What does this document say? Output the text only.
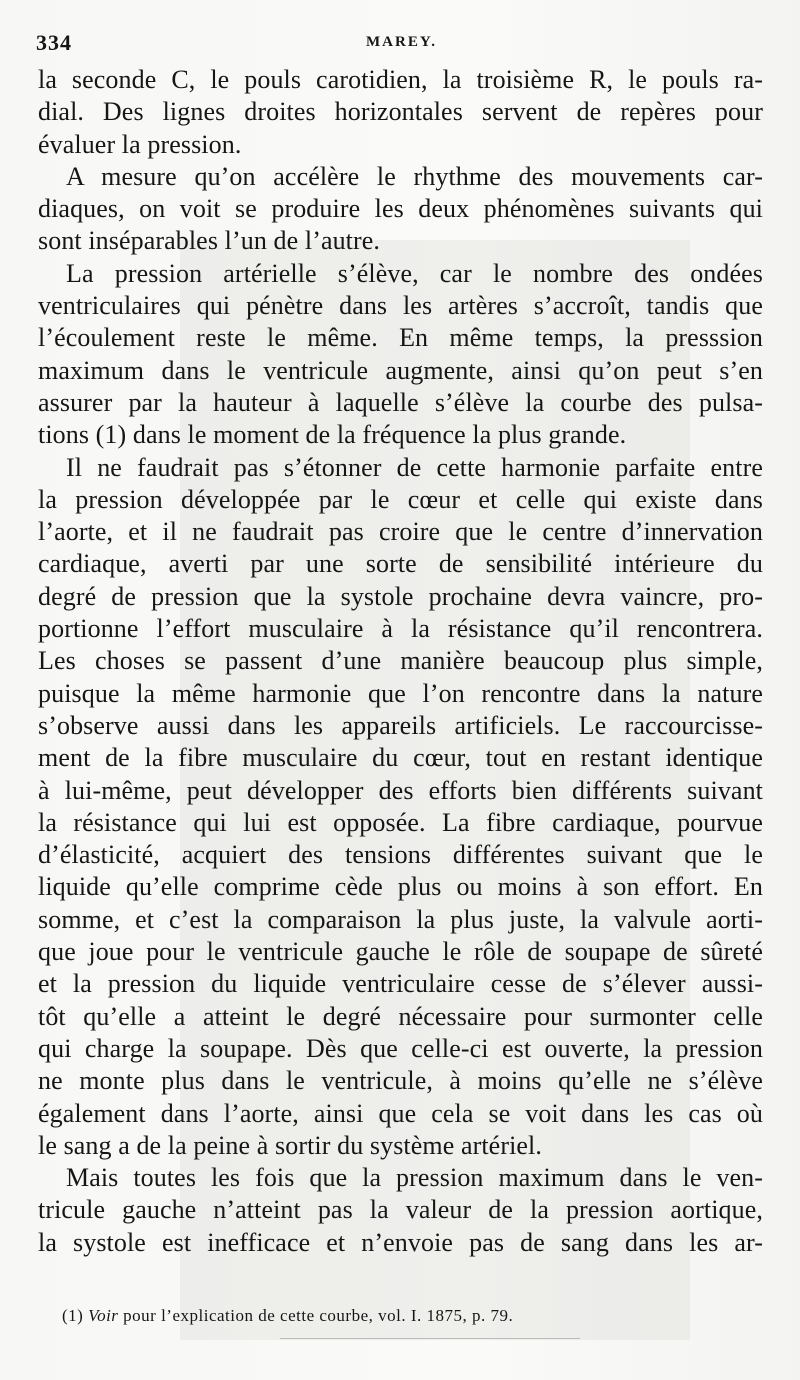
334	MAREY.
la seconde C, le pouls carotidien, la troisième R, le pouls ra-
dial. Des lignes droites horizontales servent de repères pour
évaluer la pression.
A mesure qu’on accélère le rhythme des mouvements car-
diaques, on voit se produire les deux phénomènes suivants qui
sont inséparables l’un de l’autre.
La pression artérielle s’élève, car le nombre des ondées
ventriculaires qui pénètre dans les artères s’accroît, tandis que
l’écoulement reste le même. En même temps, la presssion
maximum dans le ventricule augmente, ainsi qu’on peut s’en
assurer par la hauteur à laquelle s’élève la courbe des pulsa-
tions (1) dans le moment de la fréquence la plus grande.
Il ne faudrait pas s’étonner de cette harmonie parfaite entre
la pression développée par le cœur et celle qui existe dans
l’aorte, et il ne faudrait pas croire que le centre d’innervation
cardiaque, averti par une sorte de sensibilité intérieure du
degré de pression que la systole prochaine devra vaincre, pro-
portionne l’effort musculaire à la résistance qu’il rencontrera.
Les choses se passent d’une manière beaucoup plus simple,
puisque la même harmonie que l’on rencontre dans la nature
s’observe aussi dans les appareils artificiels. Le raccourcisse-
ment de la fibre musculaire du cœur, tout en restant identique
à lui-même, peut développer des efforts bien différents suivant
la résistance qui lui est opposée. La fibre cardiaque, pourvue
d’élasticité, acquiert des tensions différentes suivant que le
liquide qu’elle comprime cède plus ou moins à son effort. En
somme, et c’est la comparaison la plus juste, la valvule aorti-
que joue pour le ventricule gauche le rôle de soupape de sûreté
et la pression du liquide ventriculaire cesse de s’élever aussi-
tôt qu’elle a atteint le degré nécessaire pour surmonter celle
qui charge la soupape. Dès que celle-ci est ouverte, la pression
ne monte plus dans le ventricule, à moins qu’elle ne s’élève
également dans l’aorte, ainsi que cela se voit dans les cas où
le sang a de la peine à sortir du système artériel.
Mais toutes les fois que la pression maximum dans le ven-
tricule gauche n’atteint pas la valeur de la pression aortique,
la systole est inefficace et n’envoie pas de sang dans les ar-
(1) Voir pour l’explication de cette courbe, vol. I. 1875, p. 79.
